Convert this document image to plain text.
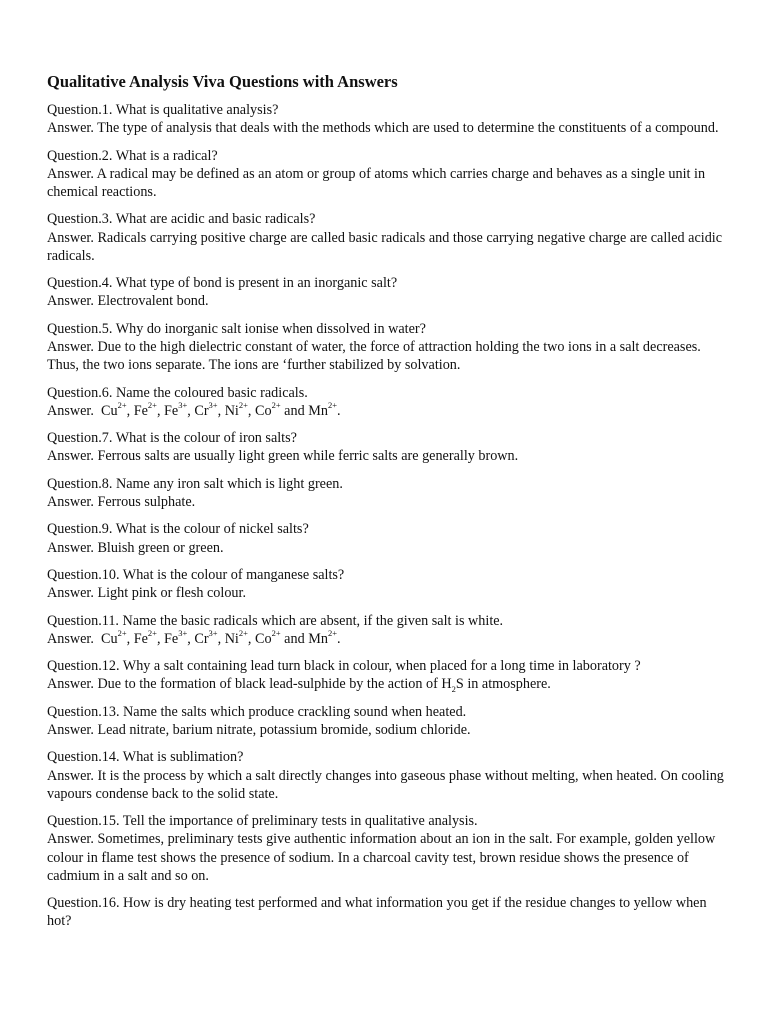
Qualitative Analysis Viva Questions with Answers

Question.1. What is qualitative analysis?

Answer. The type of analysis that deals with the methods which are used to determine the constituents of a compound.

Question.2. What is a radical?

Answer. A radical may be defined as an atom or group of atoms which carries charge and behaves as a single unit in chemical reactions.

Question.3. What are acidic and basic radicals?

Answer. Radicals carrying positive charge are called basic radicals and those carrying negative charge are called acidic radicals.

Question.4. What type of bond is present in an inorganic salt?

Answer. Electrovalent bond.

Question.5. Why do inorganic salt ionise when dissolved in water?

Answer. Due to the high dielectric constant of water, the force of attraction holding the two ions in a salt decreases. Thus, the two ions separate. The ions are ‘further stabilized by solvation.

Question.6. Name the coloured basic radicals.

Answer. $Cu^{2+}$, $Fe^{2+}$, $Fe^{3+}$, $Cr^{3+}$, $Ni^{2+}$, $Co^{2+}$ and $Mn^{2+}$.

Question.7. What is the colour of iron salts?

Answer. Ferrous salts are usually light green while ferric salts are generally brown.

Question.8. Name any iron salt which is light green.

Answer. Ferrous sulphate.

Question.9. What is the colour of nickel salts?

Answer. Bluish green or green.

Question.10. What is the colour of manganese salts?

Answer. Light pink or flesh colour.

Question.11. Name the basic radicals which are absent, if the given salt is white.

Answer. $Cu^{2+}$, $Fe^{2+}$, $Fe^{3+}$, $Cr^{3+}$, $Ni^{2+}$, $Co^{2+}$ and $Mn^{2+}$.

Question.12. Why a salt containing lead turn black in colour, when placed for a long time in laboratory ?

Answer. Due to the formation of black lead-sulphide by the action of $H_2S$ in atmosphere.

Question.13. Name the salts which produce crackling sound when heated.

Answer. Lead nitrate, barium nitrate, potassium bromide, sodium chloride.

Question.14. What is sublimation?

Answer. It is the process by which a salt directly changes into gaseous phase without melting, when heated. On cooling vapours condense back to the solid state.

Question.15. Tell the importance of preliminary tests in qualitative analysis.

Answer. Sometimes, preliminary tests give authentic information about an ion in the salt. For example, golden yellow colour in flame test shows the presence of sodium. In a charcoal cavity test, brown residue shows the presence of cadmium in a salt and so on.

Question.16. How is dry heating test performed and what information you get if the residue changes to yellow when hot?
